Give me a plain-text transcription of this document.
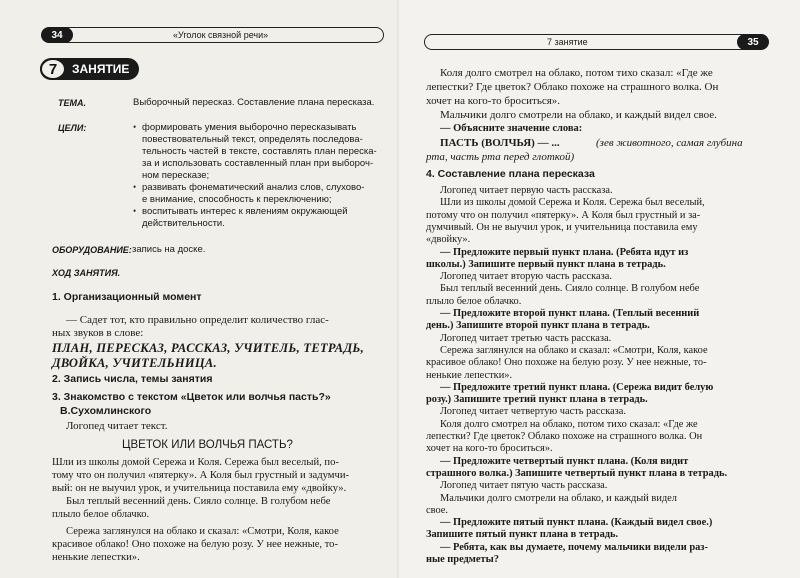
34	«Уголок связной речи»
7	ЗАНЯТИЕ
ТЕМА.	Выборочный пересказ. Составление плана пересказа.
ЦЕЛИ:	• формировать умения выборочно пересказывать
повествовательный текст, определять последова-
тельность частей в тексте, составлять план переска-
за и использовать составленный план при выбороч-
ном пересказе;
• развивать фонематический анализ слов, слухово-
е внимание, способность к переключению;
• воспитывать интерес к явлениям окружающей
действительности.
ОБОРУДОВАНИЕ: запись на доске.
ХОД ЗАНЯТИЯ.
1. Организационный момент
— Садет тот, кто правильно определит количество глас-
ных звуков в слове:
ПЛАН, ПЕРЕСКАЗ, РАССКАЗ, УЧИТЕЛЬ, ТЕТРАДЬ,
ДВОЙКА, УЧИТЕЛЬНИЦА.
2. Запись числа, темы занятия
3. Знакомство с текстом «Цветок или волчья пасть?»
В.Сухомлинского
Логопед читает текст.
ЦВЕТОК ИЛИ ВОЛЧЬЯ ПАСТЬ?
Шли из школы домой Сережа и Коля. Сережа был веселый, по-
тому что он получил «пятерку». А Коля был грустный и задумчи-
вый: он не выучил урок, и учительница поставила ему «двойку».
Был теплый весенний день. Сияло солнце. В голубом небе
плыло белое облачко.
Сережа заглянулся на облако и сказал: «Смотри, Коля, какое
красивое облако! Оно похоже на белую розу. У нее нежные, то-
ненькие лепестки».
7 занятие	35
Коля долго смотрел на облако, потом тихо сказал: «Где же
лепестки? Где цветок? Облако похоже на страшного волка. Он
хочет на кого-то броситься».
Мальчики долго смотрели на облако, и каждый видел свое.
— Объясните значение слова:
ПАСТЬ (ВОЛЧЬЯ) — ...	(зев животного, самая глубина
рта, часть рта перед глоткой)
4. Составление плана пересказа
Логопед читает первую часть рассказа.
Шли из школы домой Сережа и Коля. Сережа был веселый,
потому что он получил «пятерку». А Коля был грустный и за-
думчивый. Он не выучил урок, и учительница поставила ему
«двойку».
— Предложите первый пункт плана. (Ребята идут из
школы.) Запишите первый пункт плана в тетрадь.
Логопед читает вторую часть рассказа.
Был теплый весенний день. Сияло солнце. В голубом небе
плыло белое облачко.
— Предложите второй пункт плана. (Теплый весенний
день.) Запишите второй пункт плана в тетрадь.
Логопед читает третью часть рассказа.
Сережа заглянулся на облако и сказал: «Смотри, Коля, какое
красивое облако! Оно похоже на белую розу. У нее нежные, то-
ненькие лепестки».
— Предложите третий пункт плана. (Сережа видит белую
розу.) Запишите третий пункт плана в тетрадь.
Логопед читает четвертую часть рассказа.
Коля долго смотрел на облако, потом тихо сказал: «Где же
лепестки? Где цветок? Облако похоже на страшного волка. Он
хочет на кого-то броситься».
— Предложите четвертый пункт плана. (Коля видит
страшного волка.) Запишите четвертый пункт плана в тетрадь.
Логопед читает пятую часть рассказа.
Мальчики долго смотрели на облако, и каждый видел
свое.
— Предложите пятый пункт плана. (Каждый видел свое.)
Запишите пятый пункт плана в тетрадь.
— Ребята, как вы думаете, почему мальчики видели раз-
ные предметы?
